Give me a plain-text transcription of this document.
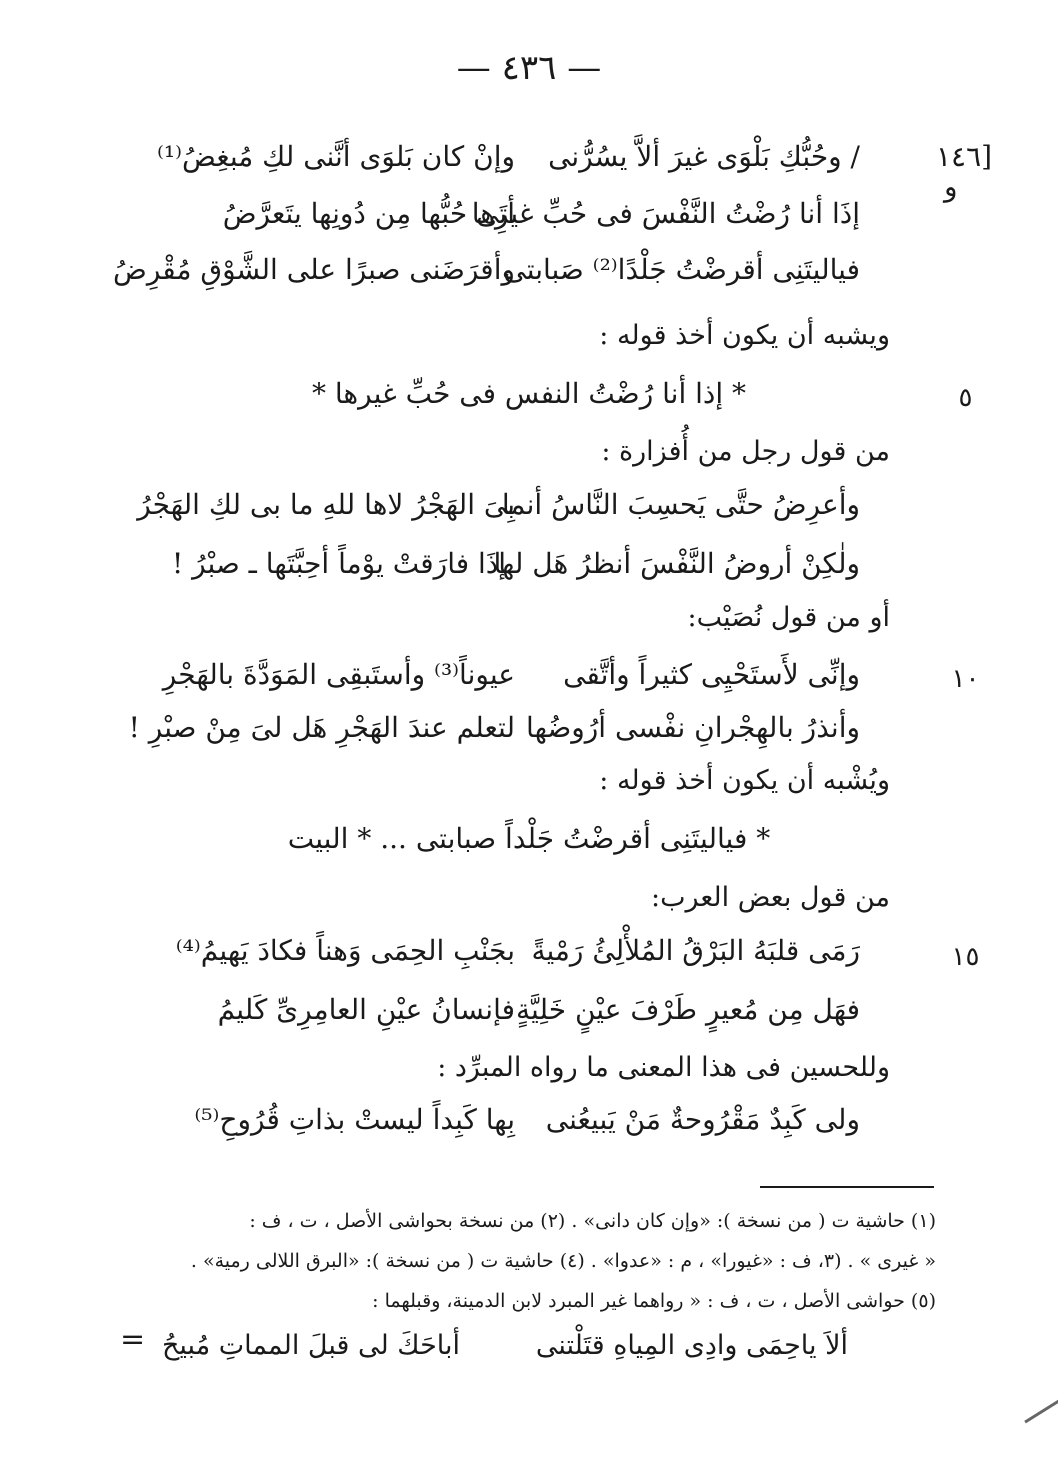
— ٤٣٦ —
[١٤٦
و
/ وحُبُّكِ بَلْوَى غيرَ ألاَّ يسُرُّنى
وإنْ كان بَلوَى أنَّنى لكِ مُبغِضُ⁽¹⁾
إذَا أنا رُضْتُ النَّفْسَ فى حُبِّ غيرِها
أتَى حُبُّها مِن دُونِها يتَعرَّضُ
فياليتَنِى أقرضْتُ جَلْدًا⁽²⁾ صَبابتى
وأقرَضَنى صبرًا على الشَّوْقِ مُقْرِضُ
ويشبه أن يكون أخذ قوله :
* إذا أنا رُضْتُ النفس فى حُبِّ غيرها *	٥
من قول رجل من أُفزارة :
وأعرِضُ حتَّى يَحسِبَ النَّاسُ أنما
بِىَ الهَجْرُ لاها للهِ ما بى لكِ الهَجْرُ
ولٰكِنْ أروضُ النَّفْسَ أنظرُ هَل لها
ـإذَا فارَقتْ يوْماً أحِبَّتَها ـ صبْرُ !
أو من قول نُصَيْب:
وإنِّى لأَستَحْيِى كثيراً وأتَّقى
عيوناً⁽³⁾ وأستَبقِى المَوَدَّةَ بالهَجْرِ	١٠
وأنذرُ بالهِجْرانِ نفْسى أرُوضُها
لتعلم عندَ الهَجْرِ هَل لىَ مِنْ صبْرِ !
ويُشْبه أن يكون أخذ قوله :
* فياليتَنِى أقرضْتُ جَلْداً صبابتى ... * البيت
من قول بعض العرب:
رَمَى قلبَهُ البَرْقُ المُلأْلِئُ رَمْيةً
بجَنْبِ الحِمَى وَهناً فكادَ يَهيمُ⁽⁴⁾	١٥
فهَل مِن مُعيرٍ طَرْفَ عيْنٍ خَلِيَّةٍ
فإنسانُ عيْنِ العامِرِىِّ كَليمُ
وللحسين فى هذا المعنى ما رواه المبرِّد :
ولى كَبِدٌ مَقْرُوحةٌ مَنْ يَبيعُنى
بِها كَبِداً ليستْ بذاتِ قُرُوحِ⁽⁵⁾
(١) حاشية ت ( من نسخة ): «وإن كان دانى» . (٢) من نسخة بحواشى الأصل ، ت ، ف :
« غيرى » . (٣، ف : «غيورا» ، م : «عدوا» . (٤) حاشية ت ( من نسخة ): «البرق اللالى رمية» .
(٥) حواشى الأصل ، ت ، ف : « رواهما غير المبرد لابن الدمينة، وقبلهما :
ألاَ ياحِمَى وادِى المِياهِ قتَلْتنى
أباحَكَ لى قبلَ المماتِ مُبيحُ
=
